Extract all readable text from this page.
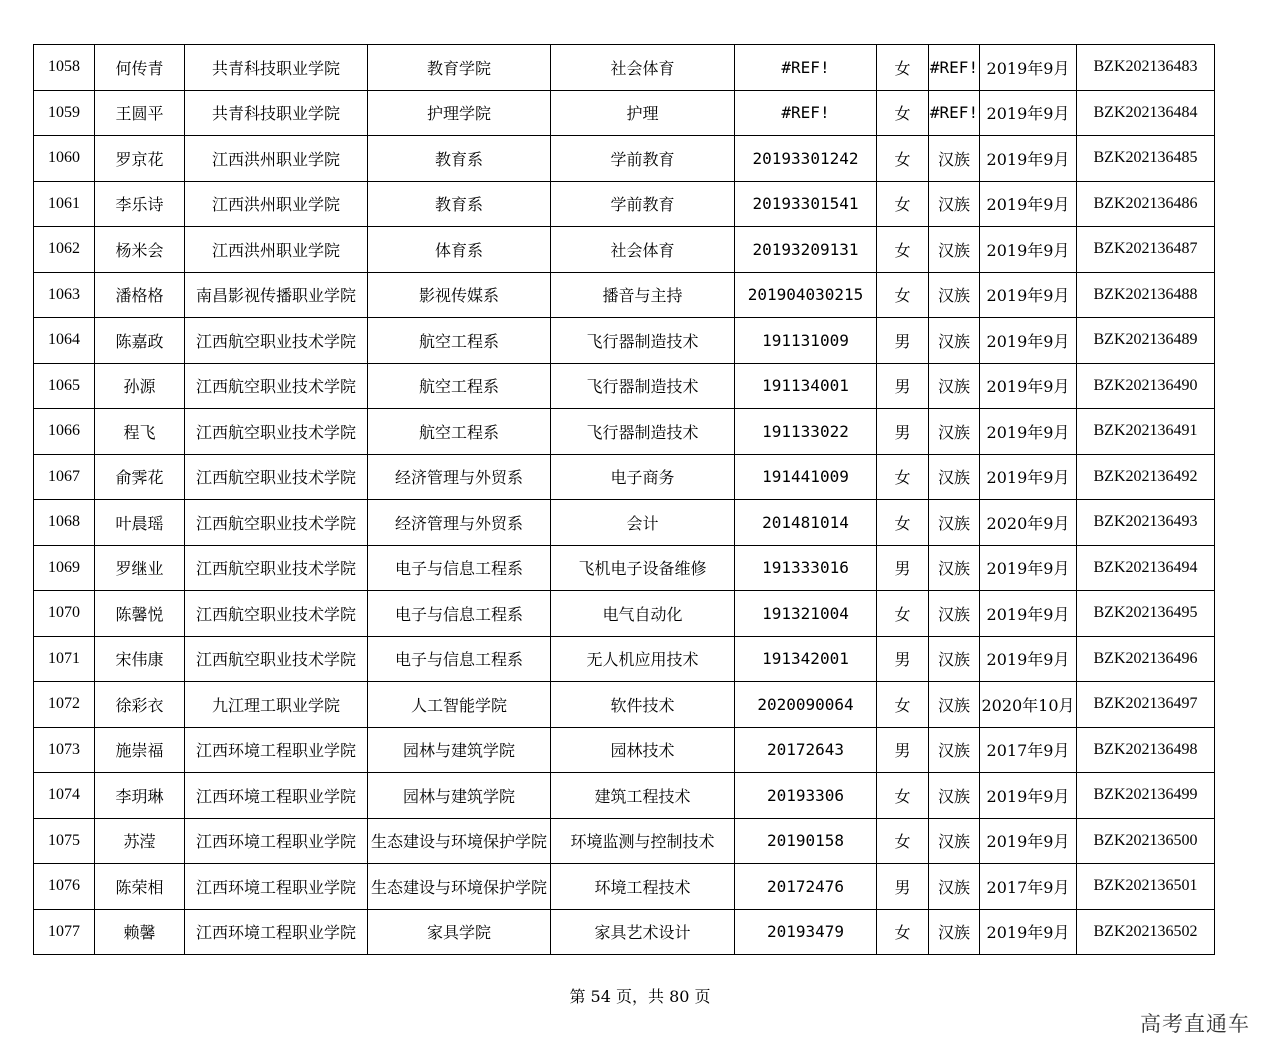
1058	何传青	共青科技职业学院	教育学院	社会体育	#REF!	女	#REF!	2019年9月	BZK202136483
1059	王圆平	共青科技职业学院	护理学院	护理	#REF!	女	#REF!	2019年9月	BZK202136484
1060	罗京花	江西洪州职业学院	教育系	学前教育	20193301242	女	汉族	2019年9月	BZK202136485
1061	李乐诗	江西洪州职业学院	教育系	学前教育	20193301541	女	汉族	2019年9月	BZK202136486
1062	杨米会	江西洪州职业学院	体育系	社会体育	20193209131	女	汉族	2019年9月	BZK202136487
1063	潘格格	南昌影视传播职业学院	影视传媒系	播音与主持	201904030215	女	汉族	2019年9月	BZK202136488
1064	陈嘉政	江西航空职业技术学院	航空工程系	飞行器制造技术	191131009	男	汉族	2019年9月	BZK202136489
1065	孙源	江西航空职业技术学院	航空工程系	飞行器制造技术	191134001	男	汉族	2019年9月	BZK202136490
1066	程飞	江西航空职业技术学院	航空工程系	飞行器制造技术	191133022	男	汉族	2019年9月	BZK202136491
1067	俞霁花	江西航空职业技术学院	经济管理与外贸系	电子商务	191441009	女	汉族	2019年9月	BZK202136492
1068	叶晨瑶	江西航空职业技术学院	经济管理与外贸系	会计	201481014	女	汉族	2020年9月	BZK202136493
1069	罗继业	江西航空职业技术学院	电子与信息工程系	飞机电子设备维修	191333016	男	汉族	2019年9月	BZK202136494
1070	陈馨悦	江西航空职业技术学院	电子与信息工程系	电气自动化	191321004	女	汉族	2019年9月	BZK202136495
1071	宋伟康	江西航空职业技术学院	电子与信息工程系	无人机应用技术	191342001	男	汉族	2019年9月	BZK202136496
1072	徐彩衣	九江理工职业学院	人工智能学院	软件技术	2020090064	女	汉族	2020年10月	BZK202136497
1073	施崇福	江西环境工程职业学院	园林与建筑学院	园林技术	20172643	男	汉族	2017年9月	BZK202136498
1074	李玥琳	江西环境工程职业学院	园林与建筑学院	建筑工程技术	20193306	女	汉族	2019年9月	BZK202136499
1075	苏滢	江西环境工程职业学院	生态建设与环境保护学院	环境监测与控制技术	20190158	女	汉族	2019年9月	BZK202136500
1076	陈荣相	江西环境工程职业学院	生态建设与环境保护学院	环境工程技术	20172476	男	汉族	2017年9月	BZK202136501
1077	赖馨	江西环境工程职业学院	家具学院	家具艺术设计	20193479	女	汉族	2019年9月	BZK202136502
第 54 页，共 80 页
高考直通车
